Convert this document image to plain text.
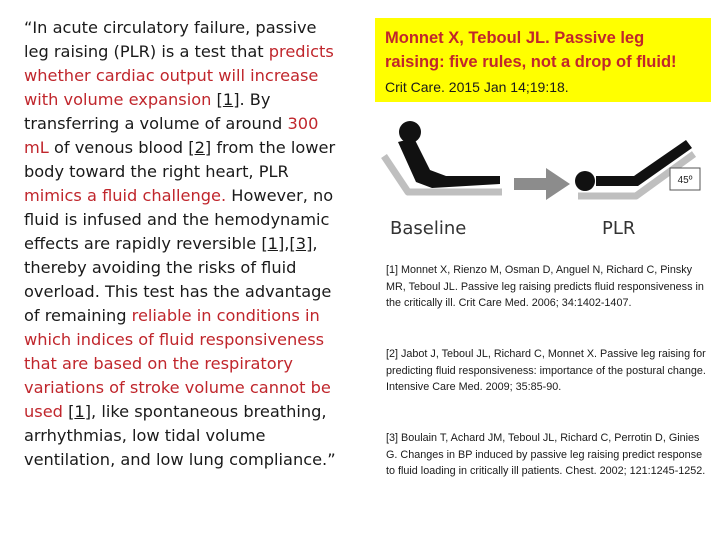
“In acute circulatory failure, passive leg raising (PLR) is a test that predicts whether cardiac output will increase with volume expansion [1]. By transferring a volume of around 300 mL of venous blood [2] from the lower body toward the right heart, PLR mimics a fluid challenge. However, no fluid is infused and the hemodynamic effects are rapidly reversible [1],[3], thereby avoiding the risks of fluid overload. This test has the advantage of remaining reliable in conditions in which indices of fluid responsiveness that are based on the respiratory variations of stroke volume cannot be used [1], like spontaneous breathing, arrhythmias, low tidal volume ventilation, and low lung compliance.”

Monnet X, Teboul JL. Passive leg raising: five rules, not a drop of fluid!

Crit Care. 2015 Jan 14;19:18.

45º
Baseline	PLR

[1] Monnet X, Rienzo M, Osman D, Anguel N, Richard C, Pinsky MR, Teboul JL. Passive leg raising predicts fluid responsiveness in the critically ill. Crit Care Med. 2006; 34:1402-1407.

[2] Jabot J, Teboul JL, Richard C, Monnet X. Passive leg raising for predicting fluid responsiveness: importance of the postural change. Intensive Care Med. 2009; 35:85-90.

[3] Boulain T, Achard JM, Teboul JL, Richard C, Perrotin D, Ginies G. Changes in BP induced by passive leg raising predict response to fluid loading in critically ill patients. Chest. 2002; 121:1245-1252.
